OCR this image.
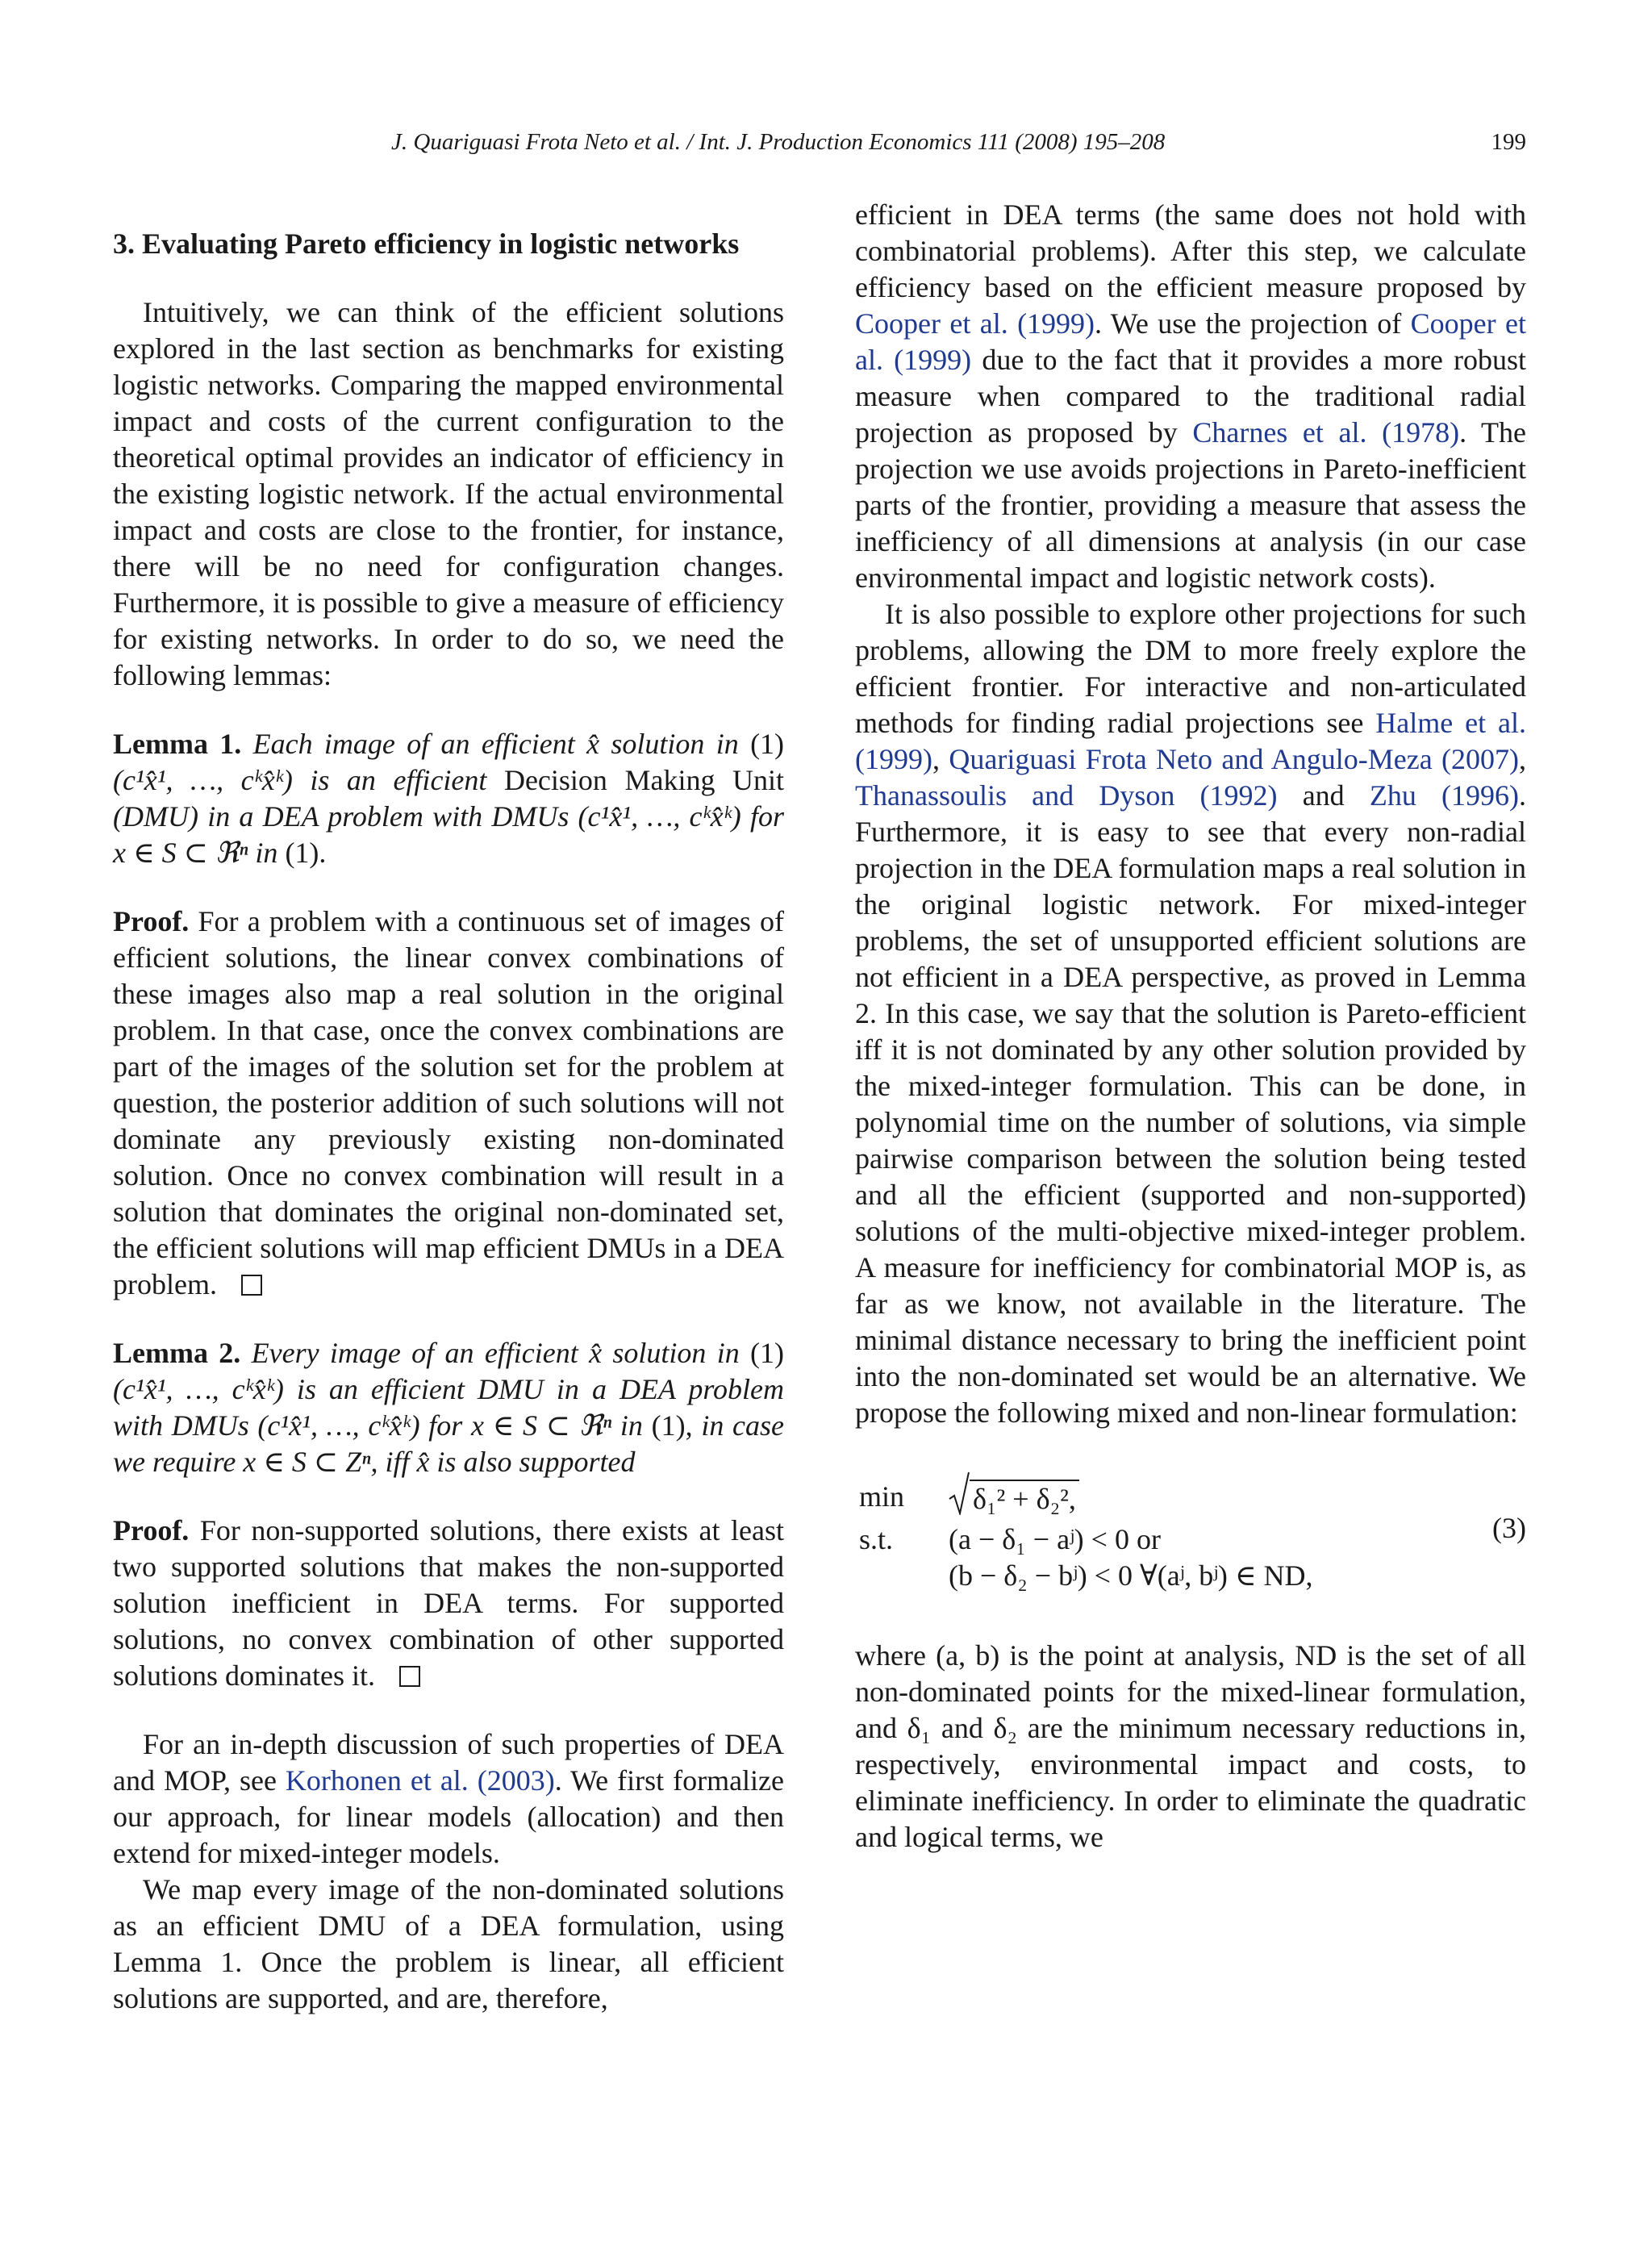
J. Quariguasi Frota Neto et al. / Int. J. Production Economics 111 (2008) 195–208	199
3. Evaluating Pareto efficiency in logistic networks

Intuitively, we can think of the efficient solutions explored in the last section as benchmarks for existing logistic networks. Comparing the mapped environmental impact and costs of the current configuration to the theoretical optimal provides an indicator of efficiency in the existing logistic network. If the actual environmental impact and costs are close to the frontier, for instance, there will be no need for configuration changes. Furthermore, it is possible to give a measure of efficiency for existing networks. In order to do so, we need the following lemmas:

Lemma 1. Each image of an efficient x̂ solution in (1) (c¹x̂¹, …, cᵏx̂ᵏ) is an efficient Decision Making Unit (DMU) in a DEA problem with DMUs (c¹x̂¹, …, cᵏx̂ᵏ) for x ∈ S ⊂ ℜⁿ in (1).

Proof. For a problem with a continuous set of images of efficient solutions, the linear convex combinations of these images also map a real solution in the original problem. In that case, once the convex combinations are part of the images of the solution set for the problem at question, the posterior addition of such solutions will not dominate any previously existing non-dominated solution. Once no convex combination will result in a solution that dominates the original non-dominated set, the efficient solutions will map efficient DMUs in a DEA problem.

Lemma 2. Every image of an efficient x̂ solution in (1) (c¹x̂¹, …, cᵏx̂ᵏ) is an efficient DMU in a DEA problem with DMUs (c¹x̂¹, …, cᵏx̂ᵏ) for x ∈ S ⊂ ℜⁿ in (1), in case we require x ∈ S ⊂ Zⁿ, iff x̂ is also supported

Proof. For non-supported solutions, there exists at least two supported solutions that makes the non-supported solution inefficient in DEA terms. For supported solutions, no convex combination of other supported solutions dominates it.

For an in-depth discussion of such properties of DEA and MOP, see Korhonen et al. (2003). We first formalize our approach, for linear models (allocation) and then extend for mixed-integer models.

We map every image of the non-dominated solutions as an efficient DMU of a DEA formulation, using Lemma 1. Once the problem is linear, all efficient solutions are supported, and are, therefore,

efficient in DEA terms (the same does not hold with combinatorial problems). After this step, we calculate efficiency based on the efficient measure proposed by Cooper et al. (1999). We use the projection of Cooper et al. (1999) due to the fact that it provides a more robust measure when compared to the traditional radial projection as proposed by Charnes et al. (1978). The projection we use avoids projections in Pareto-inefficient parts of the frontier, providing a measure that assess the inefficiency of all dimensions at analysis (in our case environmental impact and logistic network costs).

It is also possible to explore other projections for such problems, allowing the DM to more freely explore the efficient frontier. For interactive and non-articulated methods for finding radial projections see Halme et al. (1999), Quariguasi Frota Neto and Angulo-Meza (2007), Thanassoulis and Dyson (1992) and Zhu (1996). Furthermore, it is easy to see that every non-radial projection in the DEA formulation maps a real solution in the original logistic network. For mixed-integer problems, the set of unsupported efficient solutions are not efficient in a DEA perspective, as proved in Lemma 2. In this case, we say that the solution is Pareto-efficient iff it is not dominated by any other solution provided by the mixed-integer formulation. This can be done, in polynomial time on the number of solutions, via simple pairwise comparison between the solution being tested and all the efficient (supported and non-supported) solutions of the multi-objective mixed-integer problem. A measure for inefficiency for combinatorial MOP is, as far as we know, not available in the literature. The minimal distance necessary to bring the inefficient point into the non-dominated set would be an alternative. We propose the following mixed and non-linear formulation:

min δ₁² + δ₂²,
s.t. (a − δ₁ − aʲ) < 0 or
(b − δ₂ − bʲ) < 0 ∀(aʲ, bʲ) ∈ ND,
(3)

where (a, b) is the point at analysis, ND is the set of all non-dominated points for the mixed-linear formulation, and δ₁ and δ₂ are the minimum necessary reductions in, respectively, environmental impact and costs, to eliminate inefficiency. In order to eliminate the quadratic and logical terms, we
